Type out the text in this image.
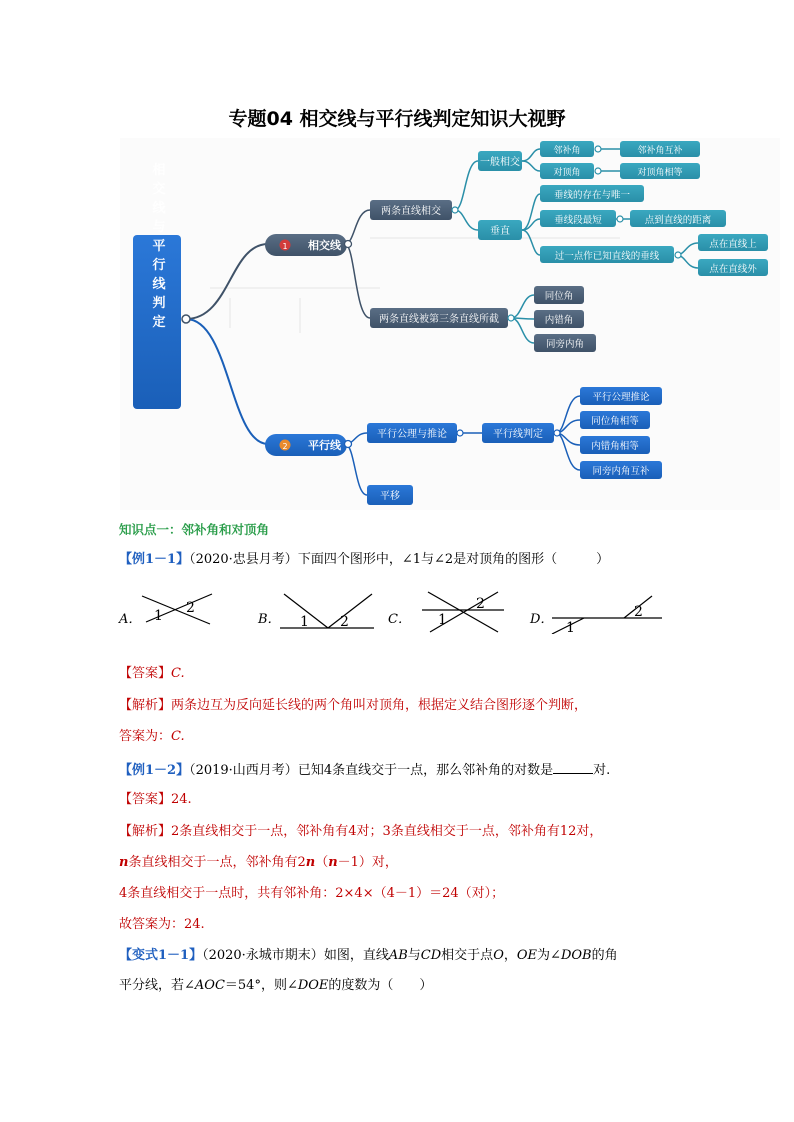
专题04 相交线与平行线判定知识大视野
相交线与平行线判定	1 相交线
2 平行线
两条直线相交
两条直线被第三条直线所截
一般相交
垂直
邻补角	邻补角互补
对顶角	对顶角相等
垂线的存在与唯一
垂线段最短	点到直线的距离
过一点作已知直线的垂线
点在直线上
点在直线外
同位角
内错角
同旁内角
平行公理与推论	平行线判定
平移
平行公理推论
同位角相等
内错角相等
同旁内角互补
知识点一：邻补角和对顶角
【例1－1】（2020·忠县月考）下面四个图形中，∠1与∠2是对顶角的图形（　　　）
A． 1 2
B． 1 2	C． 1
2
D．
1
2
【答案】C.
【解析】两条边互为反向延长线的两个角叫对顶角，根据定义结合图形逐个判断，
答案为：C.
【例1－2】（2019·山西月考）已知4条直线交于一点，那么邻补角的对数是	对.
【答案】24.
【解析】2条直线相交于一点，邻补角有4对；3条直线相交于一点，邻补角有12对，
n条直线相交于一点，邻补角有2n（n－1）对，
4条直线相交于一点时，共有邻补角：2×4×（4－1）＝24（对）；
故答案为：24.
【变式1－1】（2020·永城市期末）如图，直线AB与CD相交于点O，OE为∠DOB的角
平分线，若∠AOC＝54°，则∠DOE的度数为（　　）
